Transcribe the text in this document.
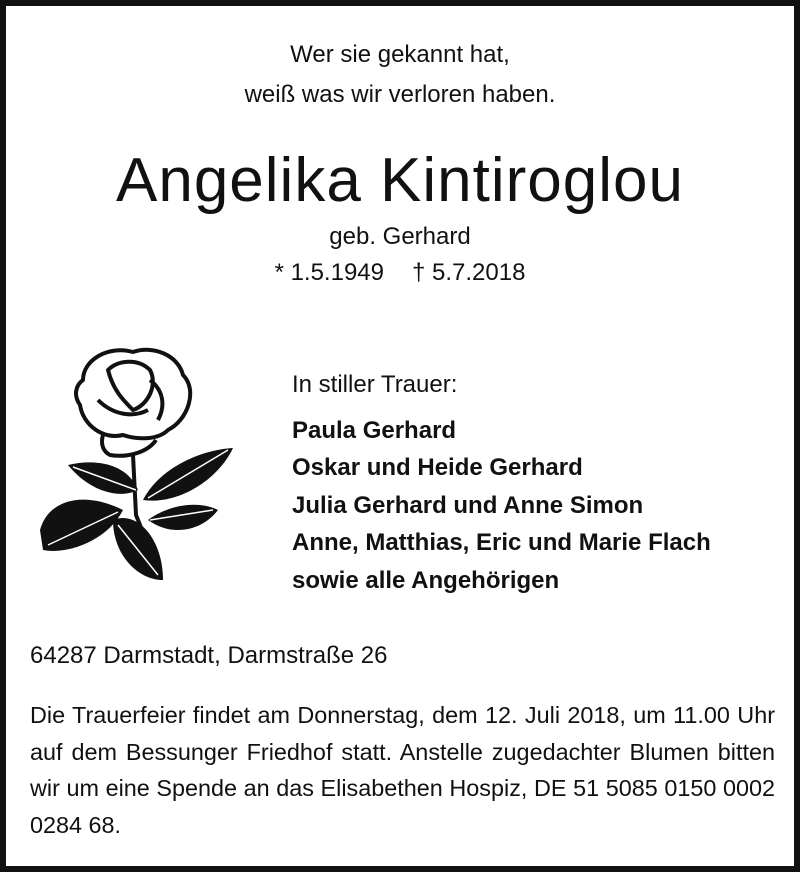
Wer sie gekannt hat,
weiß was wir verloren haben.
Angelika Kintiroglou
geb. Gerhard
* 1.5.1949 † 5.7.2018
In stiller Trauer:
Paula Gerhard
Oskar und Heide Gerhard
Julia Gerhard und Anne Simon
Anne, Matthias, Eric und Marie Flach
sowie alle Angehörigen
64287 Darmstadt, Darmstraße 26
Die Trauerfeier findet am Donnerstag, dem 12. Juli 2018, um 11.00 Uhr auf dem Bessunger Friedhof statt. Anstelle zugedachter Blumen bitten wir um eine Spende an das Elisabethen Hospiz, DE 51 5085 0150 0002 0284 68.
